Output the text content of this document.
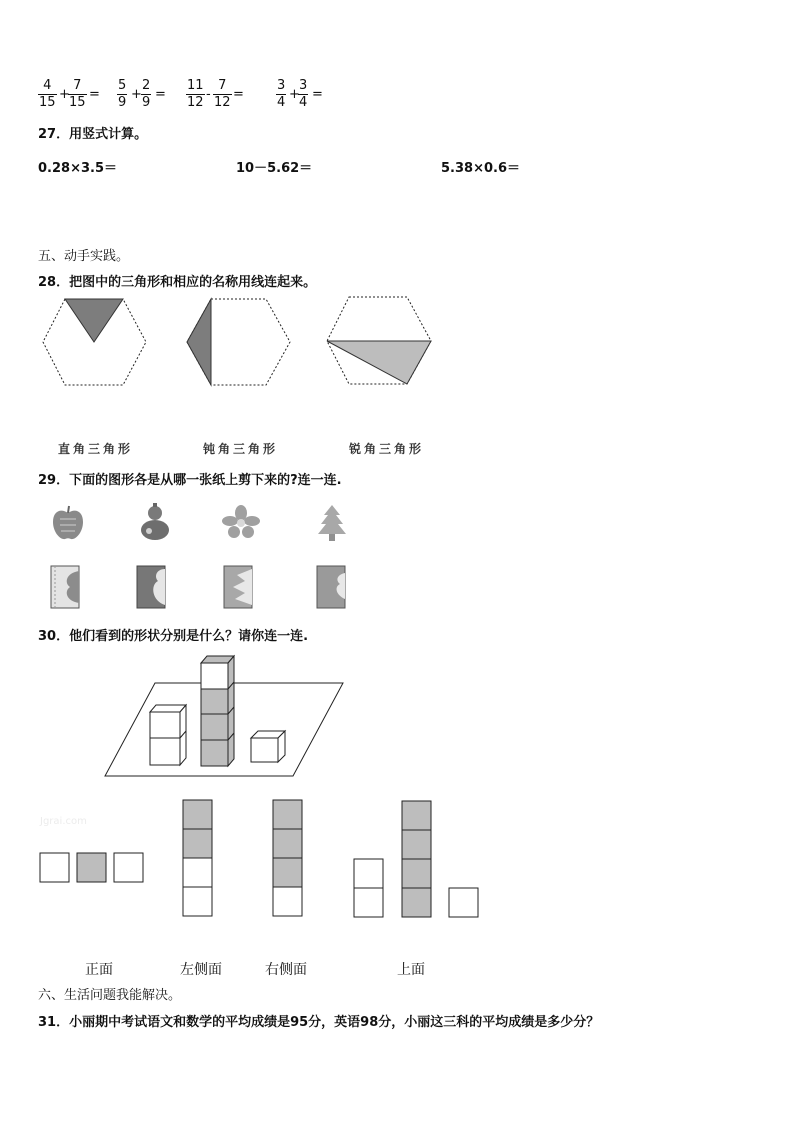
$\frac{4}{15}$ +
$\frac{7}{15} = \frac{5}{9} + \frac{2}{9} = \frac{11}{12} - \frac{7}{12} = \frac{3}{4}$ +
$\frac{3}{4}$ =
27．用竖式计算。
0.28×3.5＝	10－5.62＝	5.38×0.6＝
五、动手实践。
28．把图中的三角形和相应的名称用线连起来。
直角三角形	钝角三角形	锐角三角形
29．下面的图形各是从哪一张纸上剪下来的?连一连.
30．他们看到的形状分别是什么？请你连一连.
Jgrai.com
正面	左侧面	右侧面	上面
六、生活问题我能解决。
31．小丽期中考试语文和数学的平均成绩是95分，英语98分，小丽这三科的平均成绩是多少分？
